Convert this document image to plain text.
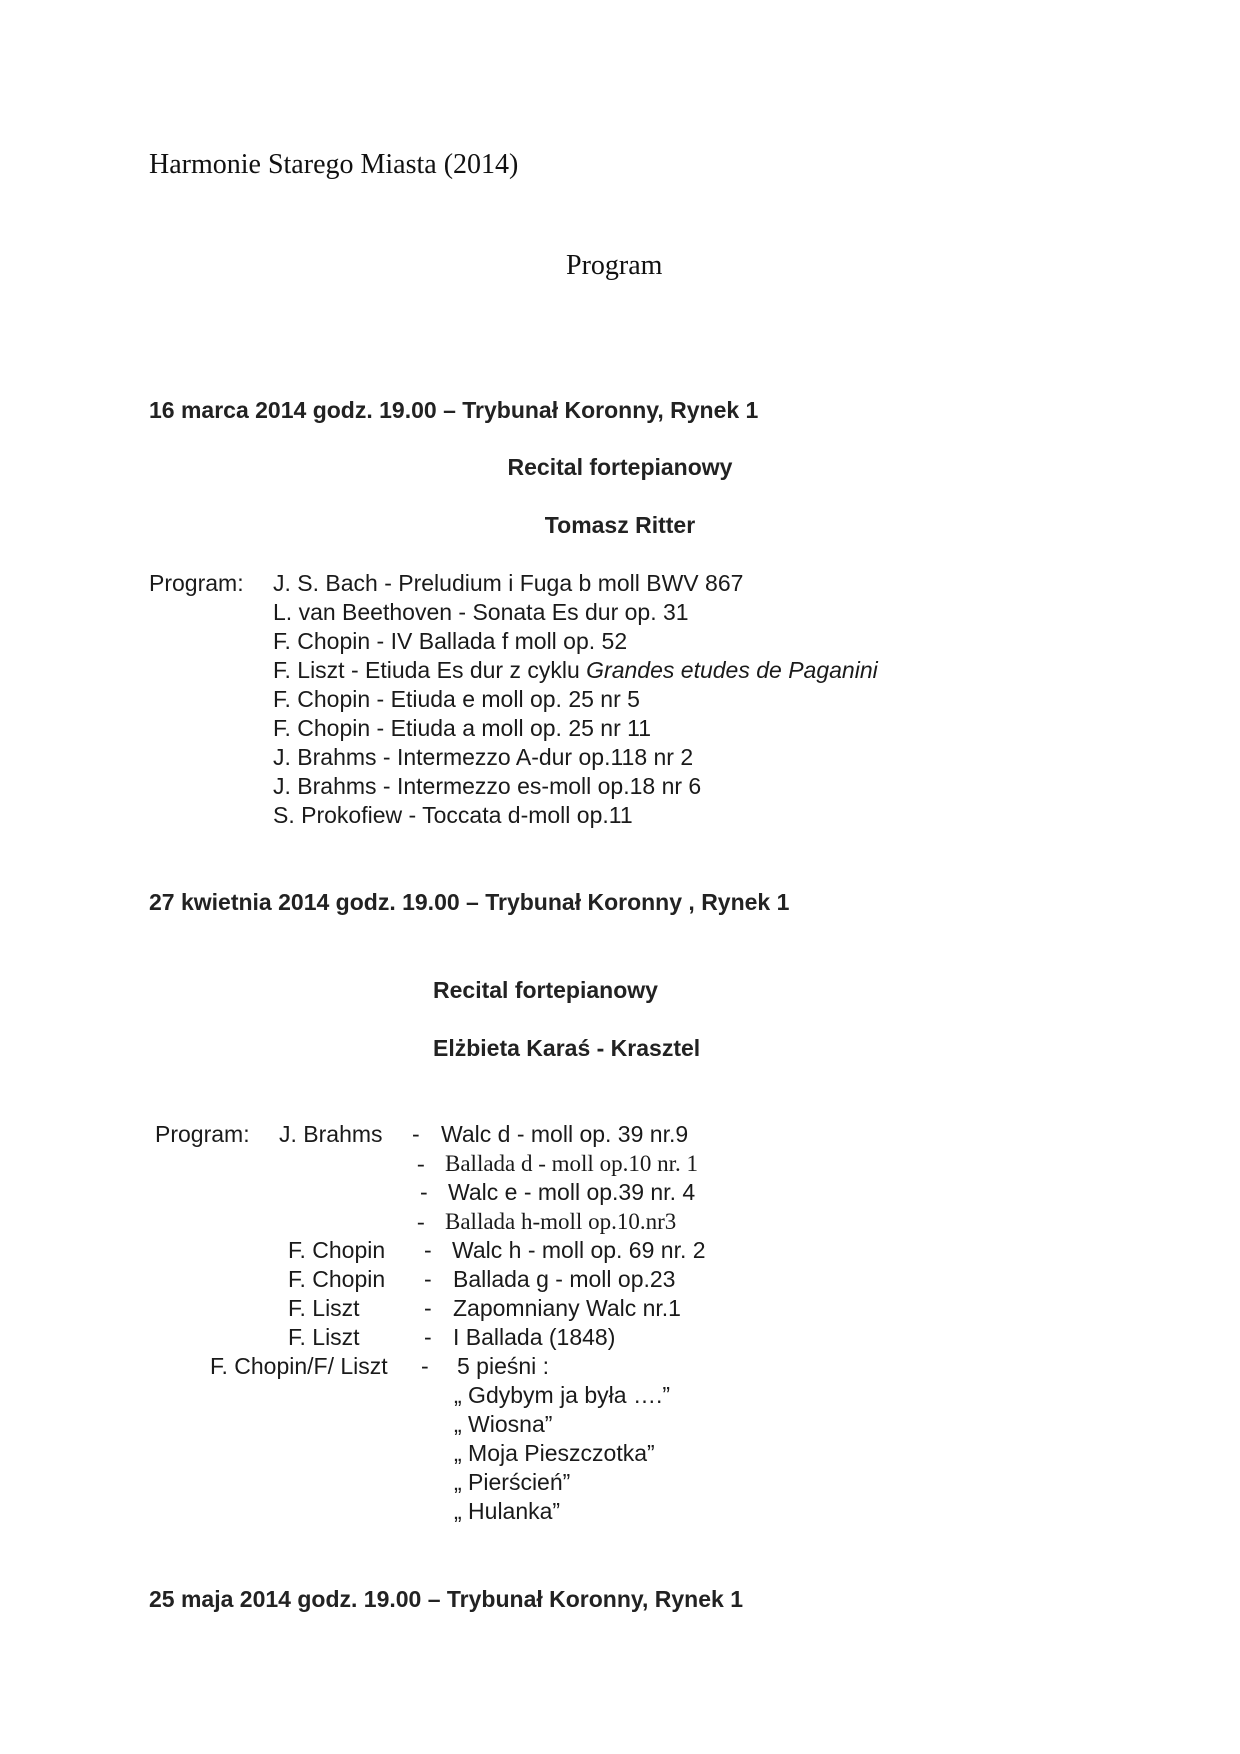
Harmonie Starego Miasta (2014)
Program
16 marca 2014 godz. 19.00 – Trybunał Koronny, Rynek 1
Recital fortepianowy
Tomasz Ritter
Program: J. S. Bach - Preludium i Fuga b moll BWV 867
L. van Beethoven - Sonata Es dur op. 31
F. Chopin - IV Ballada f moll op. 52
F. Liszt - Etiuda Es dur z cyklu Grandes etudes de Paganini
F. Chopin - Etiuda e moll op. 25 nr 5
F. Chopin - Etiuda a moll op. 25 nr 11
J. Brahms - Intermezzo A-dur op.118 nr 2
J. Brahms - Intermezzo es-moll op.18 nr 6
S. Prokofiew - Toccata d-moll op.11
27 kwietnia 2014 godz. 19.00 – Trybunał Koronny , Rynek 1
Recital fortepianowy
Elżbieta Karaś - Krasztel
Program: J. Brahms - Walc d - moll op. 39 nr.9
- Ballada d - moll op.10 nr. 1
- Walc e - moll op.39 nr. 4
- Ballada h-moll op.10.nr3
F. Chopin - Walc h - moll op. 69 nr. 2
F. Chopin - Ballada g - moll op.23
F. Liszt	- Zapomniany Walc nr.1
F. Liszt	- I Ballada (1848)
F. Chopin/F/ Liszt - 5 pieśni :
„ Gdybym ja była ….”
„ Wiosna”
„ Moja Pieszczotka”
„ Pierścień”
„ Hulanka”
25 maja 2014 godz. 19.00 – Trybunał Koronny, Rynek 1
